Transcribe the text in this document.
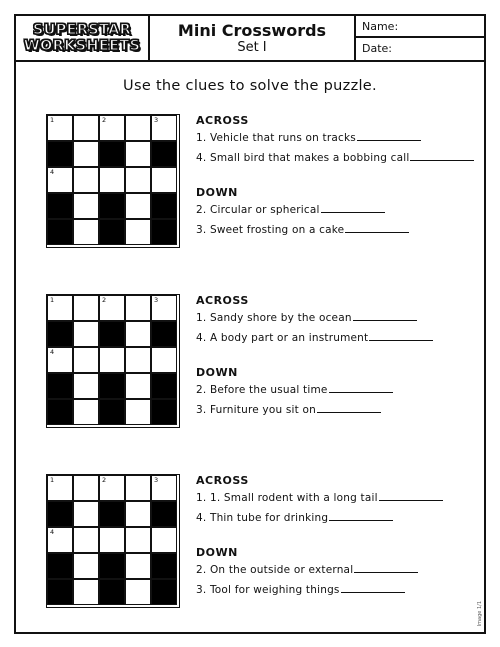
SUPERSTAR
WORKSHEETS
Mini Crosswords
Set I
Name:
Date:
Use the clues to solve the puzzle.
1	2	3
4
ACROSS
1. Vehicle that runs on tracks
4. Small bird that makes a bobbing call
DOWN
2. Circular or spherical
3. Sweet frosting on a cake
1	2	3
4
ACROSS
1. Sandy shore by the ocean
4. A body part or an instrument
DOWN
2. Before the usual time
3. Furniture you sit on
1	2	3
4
ACROSS
1. 1. Small rodent with a long tail
4. Thin tube for drinking
DOWN
2. On the outside or external
3. Tool for weighing things
Image 1/1
